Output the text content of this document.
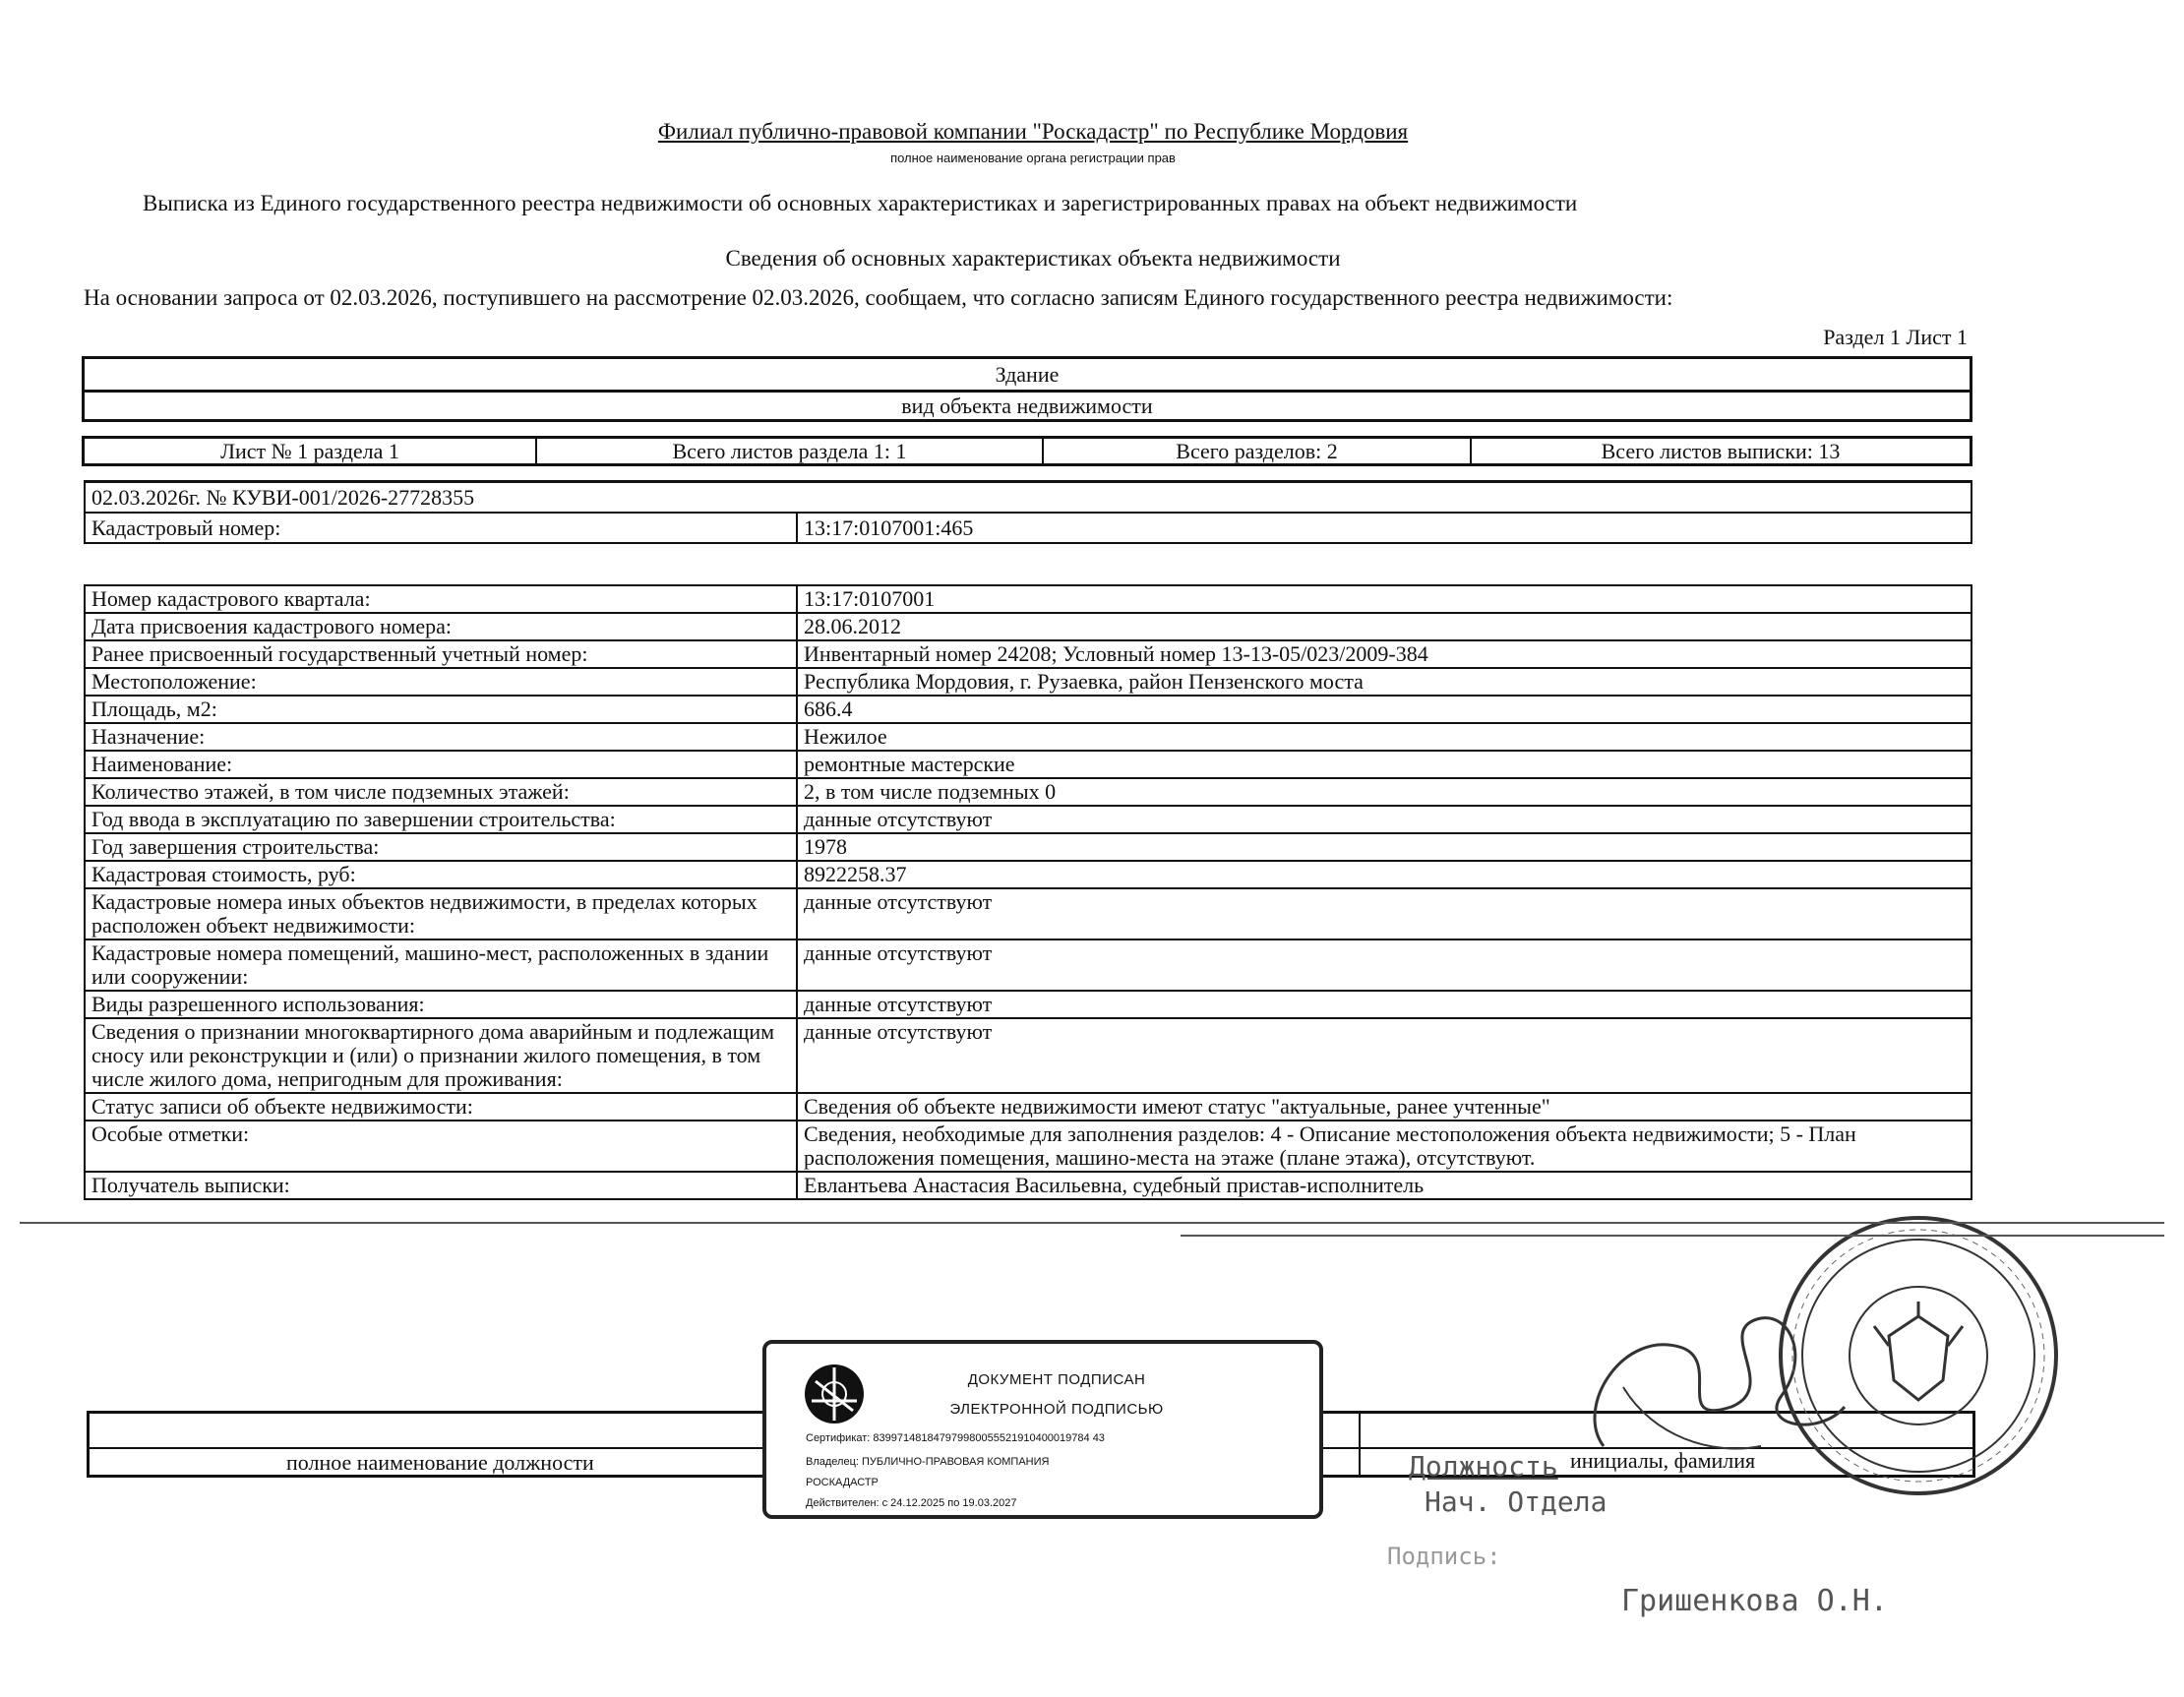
Филиал публично-правовой компании "Роскадастр" по Республике Мордовия
полное наименование органа регистрации прав
Выписка из Единого государственного реестра недвижимости об основных характеристиках и зарегистрированных правах на объект недвижимости
Сведения об основных характеристиках объекта недвижимости
На основании запроса от 02.03.2026, поступившего на рассмотрение 02.03.2026, сообщаем, что согласно записям Единого государственного реестра недвижимости:
Раздел 1 Лист 1
Здание
вид объекта недвижимости
Лист № 1 раздела 1	Всего листов раздела 1: 1	Всего разделов: 2	Всего листов выписки: 13
02.03.2026г. № КУВИ-001/2026-27728355
Кадастровый номер:	13:17:0107001:465
Номер кадастрового квартала:	13:17:0107001
Дата присвоения кадастрового номера:	28.06.2012
Ранее присвоенный государственный учетный номер:	Инвентарный номер 24208; Условный номер 13-13-05/023/2009-384
Местоположение:	Республика Мордовия, г. Рузаевка, район Пензенского моста
Площадь, м2:	686.4
Назначение:	Нежилое
Наименование:	ремонтные мастерские
Количество этажей, в том числе подземных этажей:	2, в том числе подземных 0
Год ввода в эксплуатацию по завершении строительства:	данные отсутствуют
Год завершения строительства:	1978
Кадастровая стоимость, руб:	8922258.37
Кадастровые номера иных объектов недвижимости, в пределах которых расположен объект недвижимости:	данные отсутствуют
Кадастровые номера помещений, машино-мест, расположенных в здании или сооружении:	данные отсутствуют
Виды разрешенного использования:	данные отсутствуют
Сведения о признании многоквартирного дома аварийным и подлежащим сносу или реконструкции и (или) о признании жилого помещения, в том числе жилого дома, непригодным для проживания:	данные отсутствуют
Статус записи об объекте недвижимости:	Сведения об объекте недвижимости имеют статус "актуальные, ранее учтенные"
Особые отметки:	Сведения, необходимые для заполнения разделов: 4 - Описание местоположения объекта недвижимости; 5 - План расположения помещения, машино-места на этаже (плане этажа), отсутствуют.
Получатель выписки:	Евлантьева Анастасия Васильевна, судебный пристав-исполнитель
полное наименование должности	инициалы, фамилия
ДОКУМЕНТ ПОДПИСАН
ЭЛЕКТРОННОЙ ПОДПИСЬЮ
Сертификат: 839971481847979980055521910400019784 43
Владелец: ПУБЛИЧНО-ПРАВОВАЯ КОМПАНИЯ
РОСКАДАСТР
Действителен: с 24.12.2025 по 19.03.2027
Должность
Нач. Отдела
Подпись:
Гришенкова О.Н.
